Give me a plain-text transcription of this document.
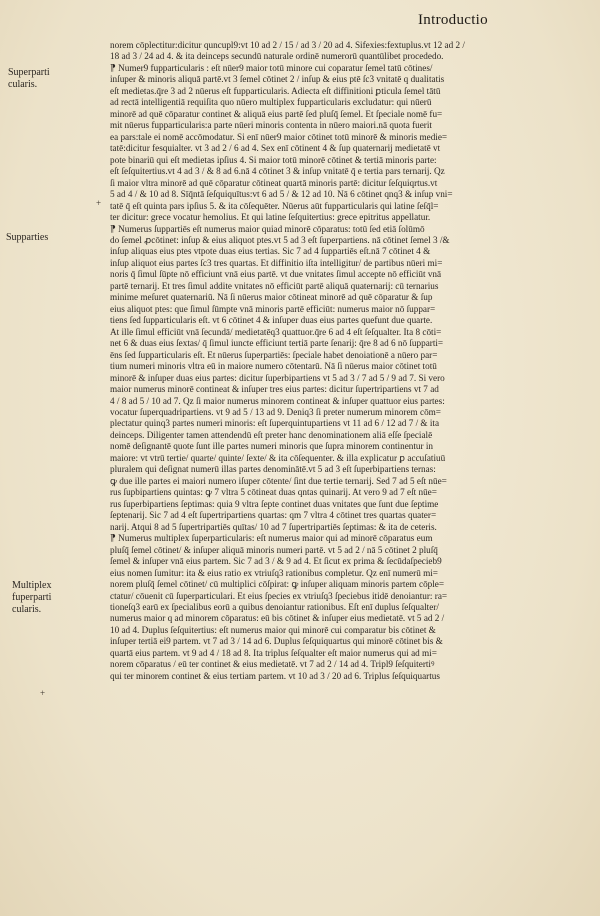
Introductio
Superparti
cularis.
Supparties
Multiplex
fuperparti
cularis.
+
+
norem cōplectitur:dicitur quncupl9:vt 10 ad 2 / 15 / ad 3 / 20 ad 4. Sifexies:fextuplus.vt 12 ad 2 /
18 ad 3 / 24 ad 4. & ita deinceps secundū naturale ordinē numerorū quantūlibet procededo.
⁋ Numer9 fupparticularis : eſt nūer9 maior totū minore cui coparatur ſemel tatū cōtines/
inſuper & minoris aliquā partē.vt 3 ſemel cōtinet 2 / inſup & eius ptē ſc3 vnitatē q dualitatis
eſt medietas.q̄re 3 ad 2 nūerus eſt fupparticularis. Adiecta eſt diffinitioni ꝑticula ſemel tātū
ad rectā intelligentiā requiſita quo nūero multiplex fupparticularis excludatur: qui nūerū
minorē ad quē cōparatur continet & aliquā eius partē ſed pluſq̄ ſemel. Et ſpeciale nomē fu=
mit nūerus fupparticularis:a parte nūeri minoris contenta in nūero maiori.nā quota fuerit
ea pars:tale ei nomē accōmodatur. Si enī nūer9 maior cōtinet totū minorē & minoris medie=
tatē:dicitur fesquialter. vt 3 ad 2 / 6 ad 4. Sex enī cōtinent 4 & ſup quaternarij medietatē vt
pote binariū qui eſt medietas ipſius 4. Si maior totū minorē cōtinet & tertiā minoris parte:
eſt ſeſquitertius.vt 4 ad 3 / & 8 ad 6.nā 4 cōtinet 3 & inſup vnitatē q̄ e tertia pars ternarij. Qz
ſi maior vltra minorē ad quē cōparatur cōtineat quartā minoris partē: dicitur ſeſquiqrtus.vt
5 ad 4 / & 10 ad 8. Sīq̄ntā ſeſquiquītus:vt 6 ad 5 / & 12 ad 10. Nā 6 cōtinet qnq3 & inſup vni=
tatē q̄ eſt quinta pars ipſius 5. & ita cōſequēter. Nūerus aūt fupparticularis qui latine ſeſq̄l=
ter dicitur: grece vocatur hemolius. Et qui latine ſeſquitertius: grece epitritus appellatur.
⁋ Numerus ſuppartiēs eſt numerus maior quiad minorē cōparatus: totū ſed etiā ſolūmō
do ſemel ꝓcōtinet: inſup & eius aliquot ptes.vt 5 ad 3 eſt ſuperpartiens. nā cōtinet ſemel 3 /&
inſup aliquas eius ptes vtpote duas eius tertias. Sic 7 ad 4 ſuppartiēs eſt.nā 7 cōtinet 4 &
inſup aliquot eius partes ſc3 tres quartas. Et diffinitio iſta intelligitur/ de partibus nūeri mi=
noris q̄ ſimul ſūpte nō efficiunt vnā eius partē. vt due vnitates ſimul accepte nō efficiūt vnā
partē ternarij. Et tres ſimul addite vnitates nō efficiūt partē aliquā quaternarij: cū ternarius
minime meſuret quaternariū. Nā ſi nūerus maior cōtineat minorē ad quē cōparatur & ſup
eius aliquot ptes: que ſimul ſūmpte vnā minoris partē efficiūt: numerus maior nō ſuppar=
tiens ſed ſupparticularis eſt. vt 6 cōtinet 4 & inſuper duas eius partes quefunt due quarte.
At ille ſimul efficiūt vnā ſecundā/ medietatēq3 quattuor.q̄re 6 ad 4 eſt ſeſqualter. Ita 8 cōti=
net 6 & duas eius ſextas/ q̄ ſimul iuncte efficiunt tertiā parte ſenarij: q̄re 8 ad 6 nō ſupparti=
ēns ſed ſupparticularis eſt. Et nūerus ſuperpartiēs: ſpeciale habet denoiationē a nūero par=
tium numeri minoris vltra eū in maiore numero cōtentarū. Nā ſi nūerus maior cōtinet totū
minorē & inſuper duas eius partes: dicitur ſuperbipartiens vt 5 ad 3 / 7 ad 5 / 9 ad 7. Si vero
maior numerus minorē contineat & inſuper tres eius partes: dicitur ſupertripartiens vt 7 ad
4 / 8 ad 5 / 10 ad 7. Qz ſi maior numerus minorem contineat & inſuper quattuor eius partes:
vocatur ſuperquadripartiens. vt 9 ad 5 / 13 ad 9. Deniq3 ſi preter numerum minorem cōm=
plectatur quinq3 partes numeri minoris: eſt ſuperquintupartiens vt 11 ad 6 / 12 ad 7 / & ita
deinceps. Diligenter tamen attendendū eſt preter hanc denominationem aliā eſſe ſpecialē
nomē deſignantē quote ſunt ille partes numeri minoris que ſupra minorem continentur in
maiore: vt vtrū tertie/ quarte/ quinte/ ſexte/ & ita cōſequenter. & illa explicatur ꝑ accuſatiuū
pluralem qui deſignat numerū illas partes denominātē.vt 5 ad 3 eſt ſuperbipartiens ternas:
ꝙ due ille partes ei maiori numero iſuper cōtente/ ſint due tertie ternarij. Sed 7 ad 5 eſt nūe=
rus ſupbipartiens quintas: ꝙ 7 vltra 5 cōtineat duas qntas quinarij. At vero 9 ad 7 eſt nūe=
rus ſuperbipartiens ſeptimas: quia 9 vltra ſepte continet duas vnitates que ſunt due ſeptime
ſeptenarij. Sic 7 ad 4 eſt ſupertripartiens quartas: qm 7 vltra 4 cōtinet tres quartas quater=
narij. Atqui 8 ad 5 ſupertripartiēs quītas/ 10 ad 7 ſupertripartiēs ſeptimas: & ita de ceteris.
⁋ Numerus multiplex ſuperparticularis: eſt numerus maior qui ad minorē cōparatus eum
pluſq̄ ſemel cōtinet/ & inſuper aliquā minoris numeri partē. vt 5 ad 2 / nā 5 cōtinet 2 pluſq̄
ſemel & inſuper vnā eius partem. Sic 7 ad 3 / & 9 ad 4. Et ſicut ex prima & ſecūdaſpecieb9
eius nomen ſumitur: ita & eius ratio ex vtriuſq3 rationibus completur. Qz enī numerū mi=
norem pluſq̄ ſemel cōtinet/ cū multiplici cōſpirat: ꝙ inſuper aliquam minoris partem cōple=
ctatur/ cōuenit cū ſuperparticulari. Et eius ſpecies ex vtriuſq3 ſpeciebus itidē denoiantur: ra=
tioneſq3 earū ex ſpecialibus eorū a quibus denoiantur rationibus. Eſt enī duplus ſeſqualter/
numerus maior q ad minorem cōparatus: eū bis cōtinet & inſuper eius medietatē. vt 5 ad 2 /
10 ad 4. Duplus ſeſquitertius: eſt numerus maior qui minorē cui comparatur bis cōtinet &
inſuper tertiā ei9 partem. vt 7 ad 3 / 14 ad 6. Duplus ſeſquiquartus qui minorē cōtinet bis &
quartā eius partem. vt 9 ad 4 / 18 ad 8. Ita triplus ſeſqualter eſt maior numerus qui ad mi=
norem cōparatus / eū ter continet & eius medietatē. vt 7 ad 2 / 14 ad 4. Tripl9 ſeſquitertiꝰ
qui ter minorem continet & eius tertiam partem. vt 10 ad 3 / 20 ad 6. Triplus ſeſquiquartus
